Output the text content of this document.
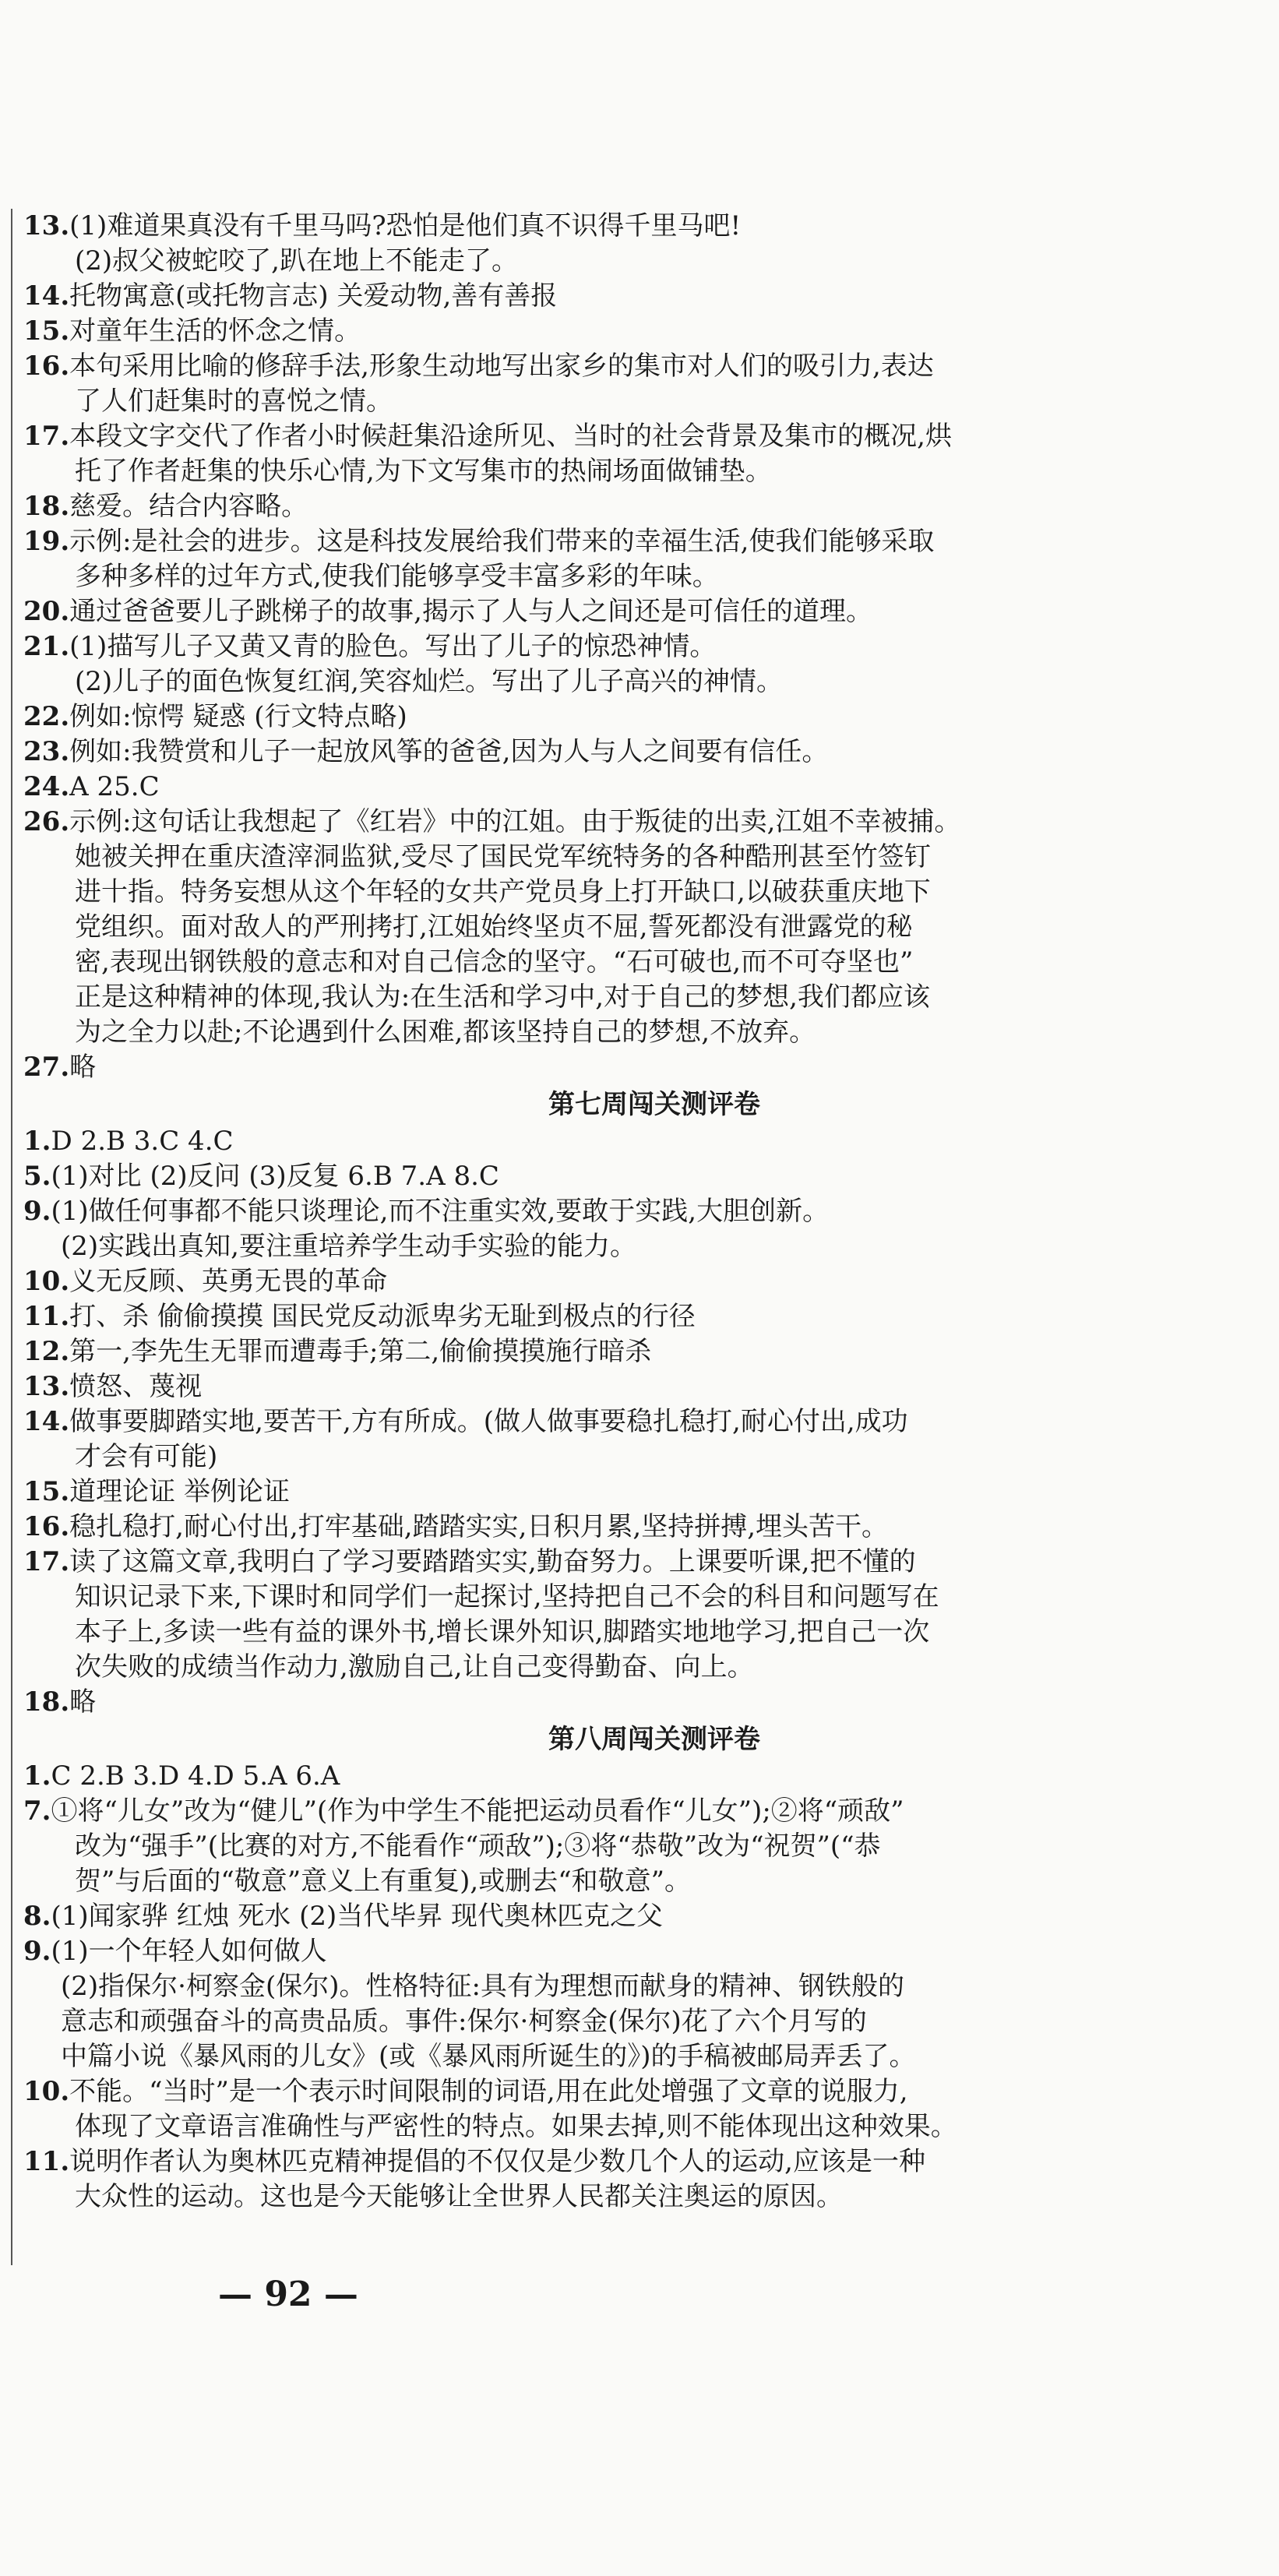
13.(1)难道果真没有千里马吗?恐怕是他们真不识得千里马吧!
(2)叔父被蛇咬了,趴在地上不能走了。
14.托物寓意(或托物言志) 关爱动物,善有善报
15.对童年生活的怀念之情。
16.本句采用比喻的修辞手法,形象生动地写出家乡的集市对人们的吸引力,表达
了人们赶集时的喜悦之情。
17.本段文字交代了作者小时候赶集沿途所见、当时的社会背景及集市的概况,烘
托了作者赶集的快乐心情,为下文写集市的热闹场面做铺垫。
18.慈爱。结合内容略。
19.示例:是社会的进步。这是科技发展给我们带来的幸福生活,使我们能够采取
多种多样的过年方式,使我们能够享受丰富多彩的年味。
20.通过爸爸要儿子跳梯子的故事,揭示了人与人之间还是可信任的道理。
21.(1)描写儿子又黄又青的脸色。写出了儿子的惊恐神情。
(2)儿子的面色恢复红润,笑容灿烂。写出了儿子高兴的神情。
22.例如:惊愕 疑惑 (行文特点略)
23.例如:我赞赏和儿子一起放风筝的爸爸,因为人与人之间要有信任。
24.A 25.C
26.示例:这句话让我想起了《红岩》中的江姐。由于叛徒的出卖,江姐不幸被捕。
她被关押在重庆渣滓洞监狱,受尽了国民党军统特务的各种酷刑甚至竹签钉
进十指。特务妄想从这个年轻的女共产党员身上打开缺口,以破获重庆地下
党组织。面对敌人的严刑拷打,江姐始终坚贞不屈,誓死都没有泄露党的秘
密,表现出钢铁般的意志和对自己信念的坚守。“石可破也,而不可夺坚也”
正是这种精神的体现,我认为:在生活和学习中,对于自己的梦想,我们都应该
为之全力以赴;不论遇到什么困难,都该坚持自己的梦想,不放弃。
27.略
第七周闯关测评卷
1.D 2.B 3.C 4.C
5.(1)对比 (2)反问 (3)反复 6.B 7.A 8.C
9.(1)做任何事都不能只谈理论,而不注重实效,要敢于实践,大胆创新。
(2)实践出真知,要注重培养学生动手实验的能力。
10.义无反顾、英勇无畏的革命
11.打、杀 偷偷摸摸 国民党反动派卑劣无耻到极点的行径
12.第一,李先生无罪而遭毒手;第二,偷偷摸摸施行暗杀
13.愤怒、蔑视
14.做事要脚踏实地,要苦干,方有所成。(做人做事要稳扎稳打,耐心付出,成功
才会有可能)
15.道理论证 举例论证
16.稳扎稳打,耐心付出,打牢基础,踏踏实实,日积月累,坚持拼搏,埋头苦干。
17.读了这篇文章,我明白了学习要踏踏实实,勤奋努力。上课要听课,把不懂的
知识记录下来,下课时和同学们一起探讨,坚持把自己不会的科目和问题写在
本子上,多读一些有益的课外书,增长课外知识,脚踏实地地学习,把自己一次
次失败的成绩当作动力,激励自己,让自己变得勤奋、向上。
18.略
第八周闯关测评卷
1.C 2.B 3.D 4.D 5.A 6.A
7.①将“儿女”改为“健儿”(作为中学生不能把运动员看作“儿女”);②将“顽敌”
改为“强手”(比赛的对方,不能看作“顽敌”);③将“恭敬”改为“祝贺”(“恭
贺”与后面的“敬意”意义上有重复),或删去“和敬意”。
8.(1)闻家骅 红烛 死水 (2)当代毕昇 现代奥林匹克之父
9.(1)一个年轻人如何做人
(2)指保尔·柯察金(保尔)。性格特征:具有为理想而献身的精神、钢铁般的
意志和顽强奋斗的高贵品质。事件:保尔·柯察金(保尔)花了六个月写的
中篇小说《暴风雨的儿女》(或《暴风雨所诞生的》)的手稿被邮局弄丢了。
10.不能。“当时”是一个表示时间限制的词语,用在此处增强了文章的说服力,
体现了文章语言准确性与严密性的特点。如果去掉,则不能体现出这种效果。
11.说明作者认为奥林匹克精神提倡的不仅仅是少数几个人的运动,应该是一种
大众性的运动。这也是今天能够让全世界人民都关注奥运的原因。
— 92 —
